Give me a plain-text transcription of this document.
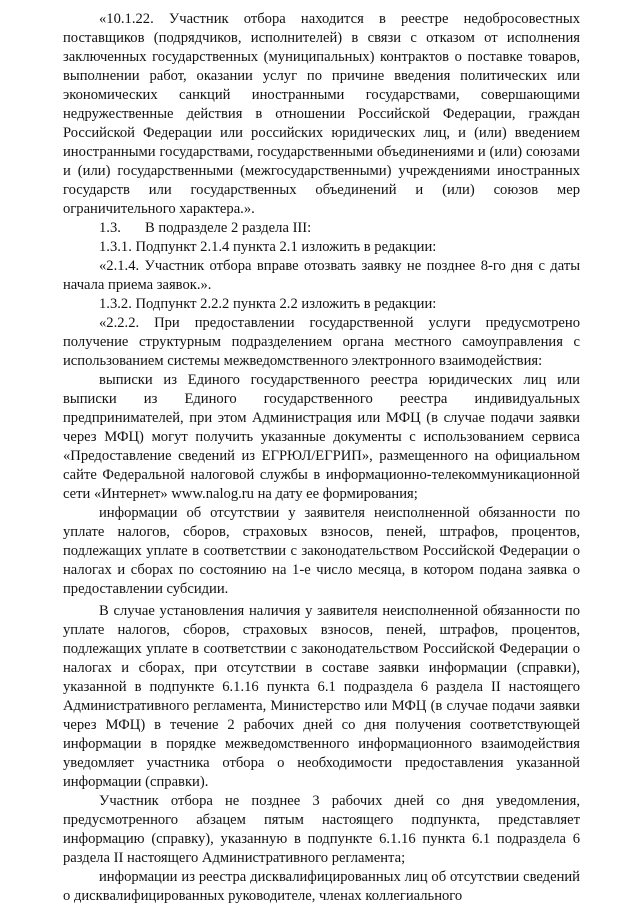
«10.1.22. Участник отбора находится в реестре недобросовестных поставщиков (подрядчиков, исполнителей) в связи с отказом от исполнения заключенных государственных (муниципальных) контрактов о поставке товаров, выполнении работ, оказании услуг по причине введения политических или экономических санкций иностранными государствами, совершающими недружественные действия в отношении Российской Федерации, граждан Российской Федерации или российских юридических лиц, и (или) введением иностранными государствами, государственными объединениями и (или) союзами и (или) государственными (межгосударственными) учреждениями иностранных государств или государственных объединений и (или) союзов мер ограничительного характера.».

1.3. В подразделе 2 раздела III:

1.3.1. Подпункт 2.1.4 пункта 2.1 изложить в редакции:

«2.1.4. Участник отбора вправе отозвать заявку не позднее 8-го дня с даты начала приема заявок.».

1.3.2. Подпункт 2.2.2 пункта 2.2 изложить в редакции:

«2.2.2. При предоставлении государственной услуги предусмотрено получение структурным подразделением органа местного самоуправления с использованием системы межведомственного электронного взаимодействия:

выписки из Единого государственного реестра юридических лиц или выписки из Единого государственного реестра индивидуальных предпринимателей, при этом Администрация или МФЦ (в случае подачи заявки через МФЦ) могут получить указанные документы с использованием сервиса «Предоставление сведений из ЕГРЮЛ/ЕГРИП», размещенного на официальном сайте Федеральной налоговой службы в информационно-телекоммуникационной сети «Интернет» www.nalog.ru на дату ее формирования;

информации об отсутствии у заявителя неисполненной обязанности по уплате налогов, сборов, страховых взносов, пеней, штрафов, процентов, подлежащих уплате в соответствии с законодательством Российской Федерации о налогах и сборах по состоянию на 1-е число месяца, в котором подана заявка о предоставлении субсидии.

В случае установления наличия у заявителя неисполненной обязанности по уплате налогов, сборов, страховых взносов, пеней, штрафов, процентов, подлежащих уплате в соответствии с законодательством Российской Федерации о налогах и сборах, при отсутствии в составе заявки информации (справки), указанной в подпункте 6.1.16 пункта 6.1 подраздела 6 раздела II настоящего Административного регламента, Министерство или МФЦ (в случае подачи заявки через МФЦ) в течение 2 рабочих дней со дня получения соответствующей информации в порядке межведомственного информационного взаимодействия уведомляет участника отбора о необходимости предоставления указанной информации (справки).

Участник отбора не позднее 3 рабочих дней со дня уведомления, предусмотренного абзацем пятым настоящего подпункта, представляет информацию (справку), указанную в подпункте 6.1.16 пункта 6.1 подраздела 6 раздела II настоящего Административного регламента;

информации из реестра дисквалифицированных лиц об отсутствии сведений о дисквалифицированных руководителе, членах коллегиального
